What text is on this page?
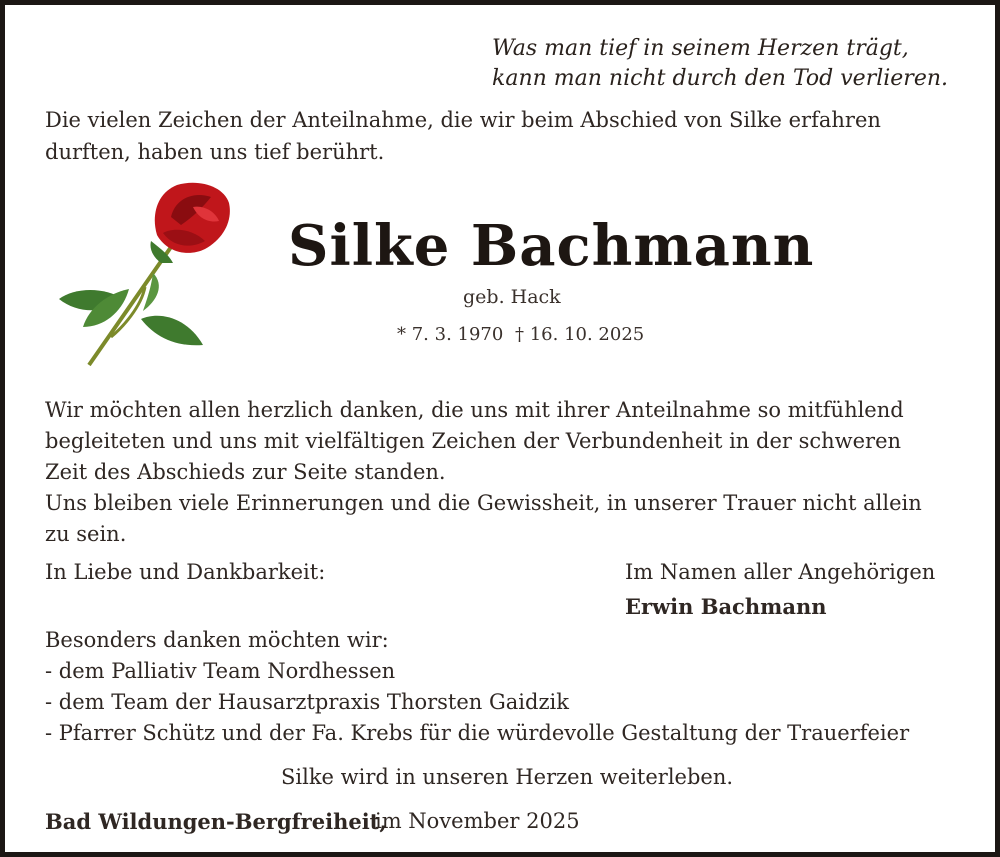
Was man tief in seinem Herzen trägt,
kann man nicht durch den Tod verlieren.
Die vielen Zeichen der Anteilnahme, die wir beim Abschied von Silke erfahren
durften, haben uns tief berührt.
Silke Bachmann
geb. Hack
* 7. 3. 1970 † 16. 10. 2025
Wir möchten allen herzlich danken, die uns mit ihrer Anteilnahme so mitfühlend
begleiteten und uns mit vielfältigen Zeichen der Verbundenheit in der schweren
Zeit des Abschieds zur Seite standen.
Uns bleiben viele Erinnerungen und die Gewissheit, in unserer Trauer nicht allein
zu sein.
In Liebe und Dankbarkeit:	Im Namen aller Angehörigen
Erwin Bachmann
Besonders danken möchten wir:
- dem Palliativ Team Nordhessen
- dem Team der Hausarztpraxis Thorsten Gaidzik
- Pfarrer Schütz und der Fa. Krebs für die würdevolle Gestaltung der Trauerfeier
Silke wird in unseren Herzen weiterleben.
Bad Wildungen-Bergfreiheit,
im November 2025
